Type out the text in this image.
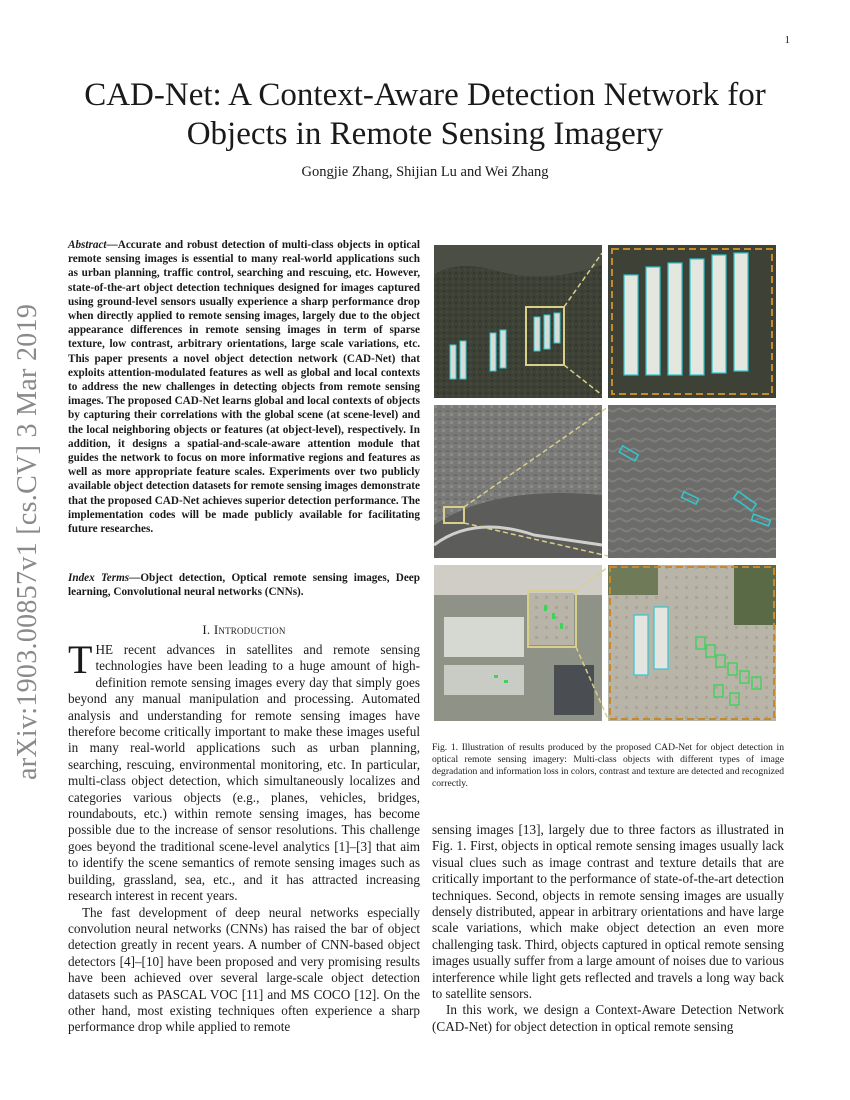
1
arXiv:1903.00857v1 [cs.CV] 3 Mar 2019
CAD-Net: A Context-Aware Detection Network for
Objects in Remote Sensing Imagery
Gongjie Zhang, Shijian Lu and Wei Zhang
Abstract—Accurate and robust detection of multi-class objects in optical remote sensing images is essential to many real-world applications such as urban planning, traffic control, searching and rescuing, etc. However, state-of-the-art object detection techniques designed for images captured using ground-level sensors usually experience a sharp performance drop when directly applied to remote sensing images, largely due to the object appearance differences in remote sensing images in term of sparse texture, low contrast, arbitrary orientations, large scale variations, etc. This paper presents a novel object detection network (CAD-Net) that exploits attention-modulated features as well as global and local contexts to address the new challenges in detecting objects from remote sensing images. The proposed CAD-Net learns global and local contexts of objects by capturing their correlations with the global scene (at scene-level) and the local neighboring objects or features (at object-level), respectively. In addition, it designs a spatial-and-scale-aware attention module that guides the network to focus on more informative regions and features as well as more appropriate feature scales. Experiments over two publicly available object detection datasets for remote sensing images demonstrate that the proposed CAD-Net achieves superior detection performance. The implementation codes will be made publicly available for facilitating future researches.
Index Terms—Object detection, Optical remote sensing images, Deep learning, Convolutional neural networks (CNNs).
I. Introduction

THE recent advances in satellites and remote sensing technologies have been leading to a huge amount of high-definition remote sensing images every day that simply goes beyond any manual manipulation and processing. Automated analysis and understanding for remote sensing images have therefore become critically important to make these images useful in many real-world applications such as urban planning, searching, rescuing, environmental monitoring, etc. In particular, multi-class object detection, which simultaneously localizes and categories various objects (e.g., planes, vehicles, bridges, roundabouts, etc.) within remote sensing images, has become possible due to the increase of sensor resolutions. This challenge goes beyond the traditional scene-level analytics [1]–[3] that aim to identify the scene semantics of remote sensing images such as building, grassland, sea, etc., and it has attracted increasing research interest in recent years.

The fast development of deep neural networks especially convolution neural networks (CNNs) has raised the bar of object detection greatly in recent years. A number of CNN-based object detectors [4]–[10] have been proposed and very promising results have been achieved over several large-scale object detection datasets such as PASCAL VOC [11] and MS COCO [12]. On the other hand, most existing techniques often experience a sharp performance drop while applied to remote

Fig. 1. Illustration of results produced by the proposed CAD-Net for object detection in optical remote sensing imagery: Multi-class objects with different types of image degradation and information loss in colors, contrast and texture are detected and recognized correctly.

sensing images [13], largely due to three factors as illustrated in Fig. 1. First, objects in optical remote sensing images usually lack visual clues such as image contrast and texture details that are critically important to the performance of state-of-the-art detection techniques. Second, objects in remote sensing images are usually densely distributed, appear in arbitrary orientations and have large scale variations, which make object detection an even more challenging task. Third, objects captured in optical remote sensing images usually suffer from a large amount of noises due to various interference while light gets reflected and travels a long way back to satellite sensors.

In this work, we design a Context-Aware Detection Network (CAD-Net) for object detection in optical remote sensing
